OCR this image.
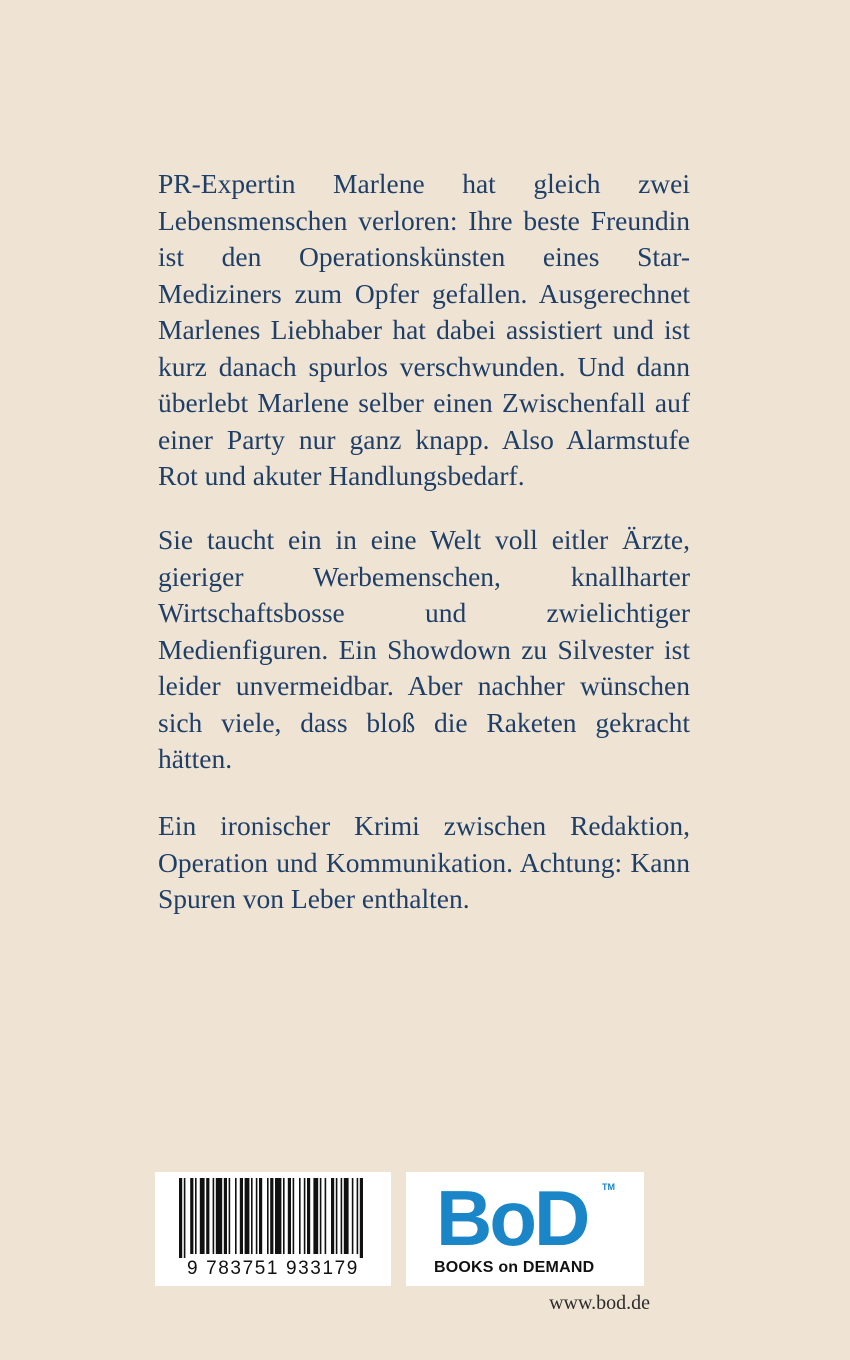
PR-Expertin Marlene hat gleich zwei Lebensmenschen verloren: Ihre beste Freundin ist den Operationskünsten eines Star-Mediziners zum Opfer gefallen. Ausgerechnet Marlenes Liebhaber hat dabei assistiert und ist kurz danach spurlos verschwunden. Und dann überlebt Marlene selber einen Zwischenfall auf einer Party nur ganz knapp. Also Alarmstufe Rot und akuter Handlungsbedarf.

Sie taucht ein in eine Welt voll eitler Ärzte, gieriger Werbemenschen, knallharter Wirtschaftsbosse und zwielichtiger Medienfiguren. Ein Showdown zu Silvester ist leider unvermeidbar. Aber nachher wünschen sich viele, dass bloß die Raketen gekracht hätten.

Ein ironischer Krimi zwischen Redaktion, Operation und Kommunikation. Achtung: Kann Spuren von Leber enthalten.

9 783751 933179
BoD TM
BOOKS on DEMAND
www.bod.de
